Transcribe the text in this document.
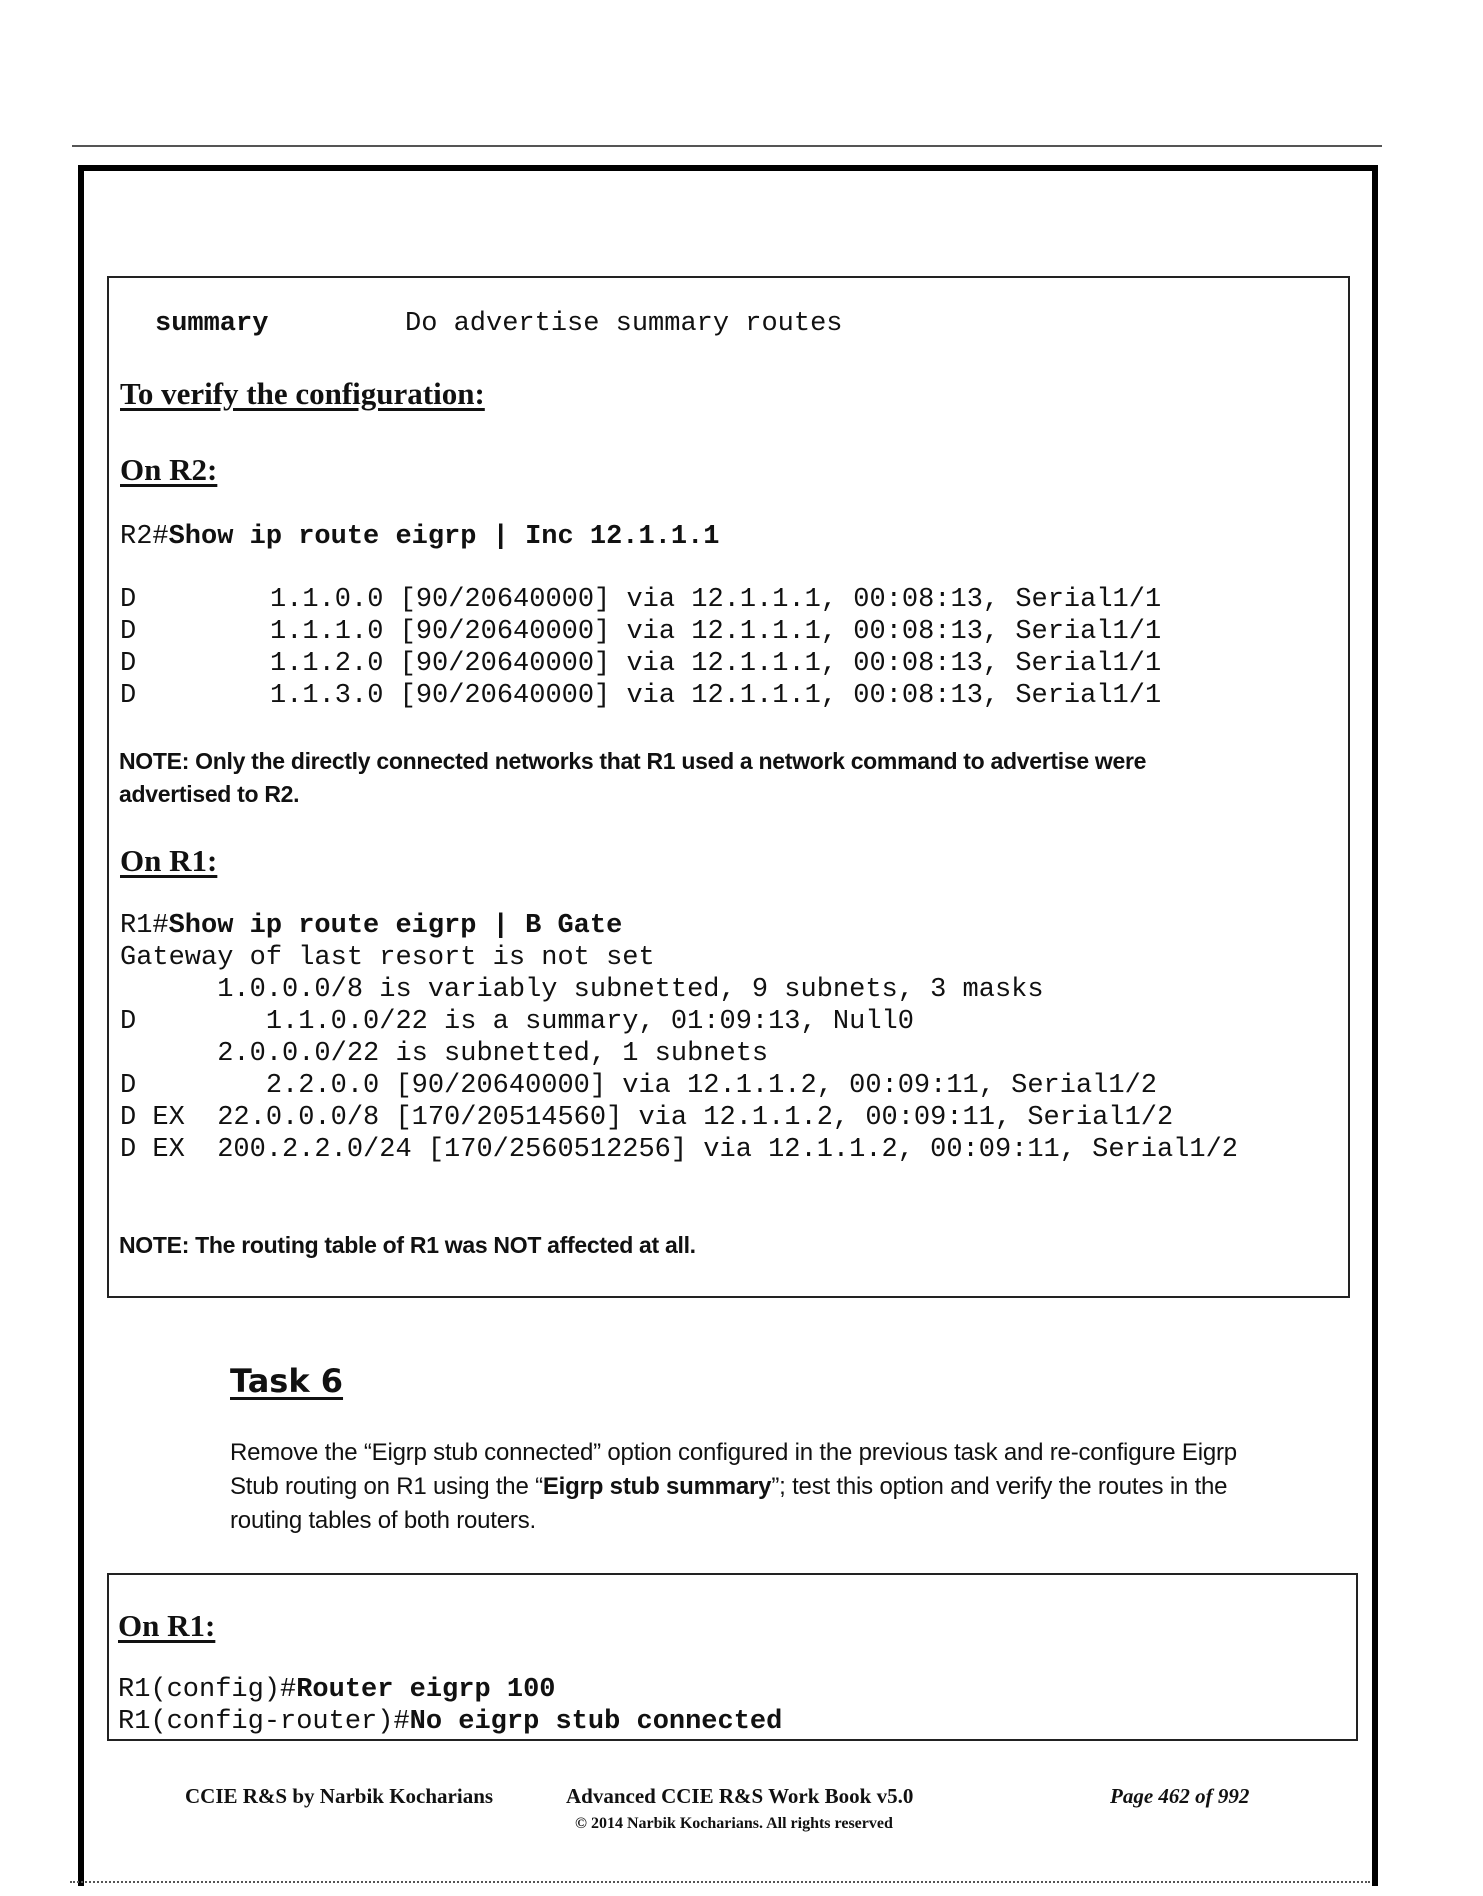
summary	Do advertise summary routes
To verify the configuration:
On R2:
R2#Show ip route eigrp | Inc 12.1.1.1
D	1.1.0.0 [90/20640000] via 12.1.1.1, 00:08:13, Serial1/1
D	1.1.1.0 [90/20640000] via 12.1.1.1, 00:08:13, Serial1/1
D	1.1.2.0 [90/20640000] via 12.1.1.1, 00:08:13, Serial1/1
D	1.1.3.0 [90/20640000] via 12.1.1.1, 00:08:13, Serial1/1
NOTE: Only the directly connected networks that R1 used a network command to advertise were
advertised to R2.
On R1:
R1#Show ip route eigrp | B Gate
Gateway of last resort is not set
1.0.0.0/8 is variably subnetted, 9 subnets, 3 masks
D        1.1.0.0/22 is a summary, 01:09:13, Null0
2.0.0.0/22 is subnetted, 1 subnets
D        2.2.0.0 [90/20640000] via 12.1.1.2, 00:09:11, Serial1/2
D EX  22.0.0.0/8 [170/20514560] via 12.1.1.2, 00:09:11, Serial1/2
D EX  200.2.2.0/24 [170/2560512256] via 12.1.1.2, 00:09:11, Serial1/2
NOTE: The routing table of R1 was NOT affected at all.
Task 6
Remove the “Eigrp stub connected” option configured in the previous task and re-configure Eigrp Stub routing on R1 using the “Eigrp stub summary”; test this option and verify the routes in the routing tables of both routers.
On R1:
R1(config)#Router eigrp 100
R1(config-router)#No eigrp stub connected
CCIE R&S by Narbik Kocharians	Advanced CCIE R&S Work Book v5.0
© 2014 Narbik Kocharians. All rights reserved
Page 462 of 992
